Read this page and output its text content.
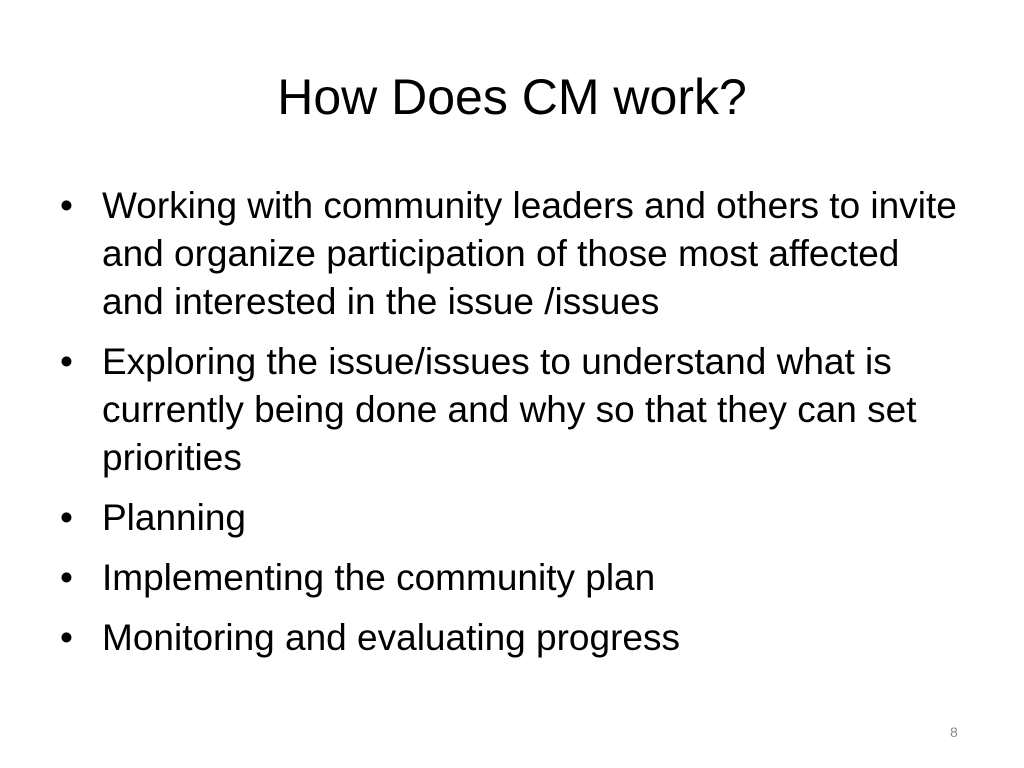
How Does CM work?
• Working with community leaders and others to invite and organize participation of those most affected and interested in the issue /issues
• Exploring the issue/issues to understand what is currently being done and why so that they can set priorities
• Planning
• Implementing the community plan
• Monitoring and evaluating progress
8
